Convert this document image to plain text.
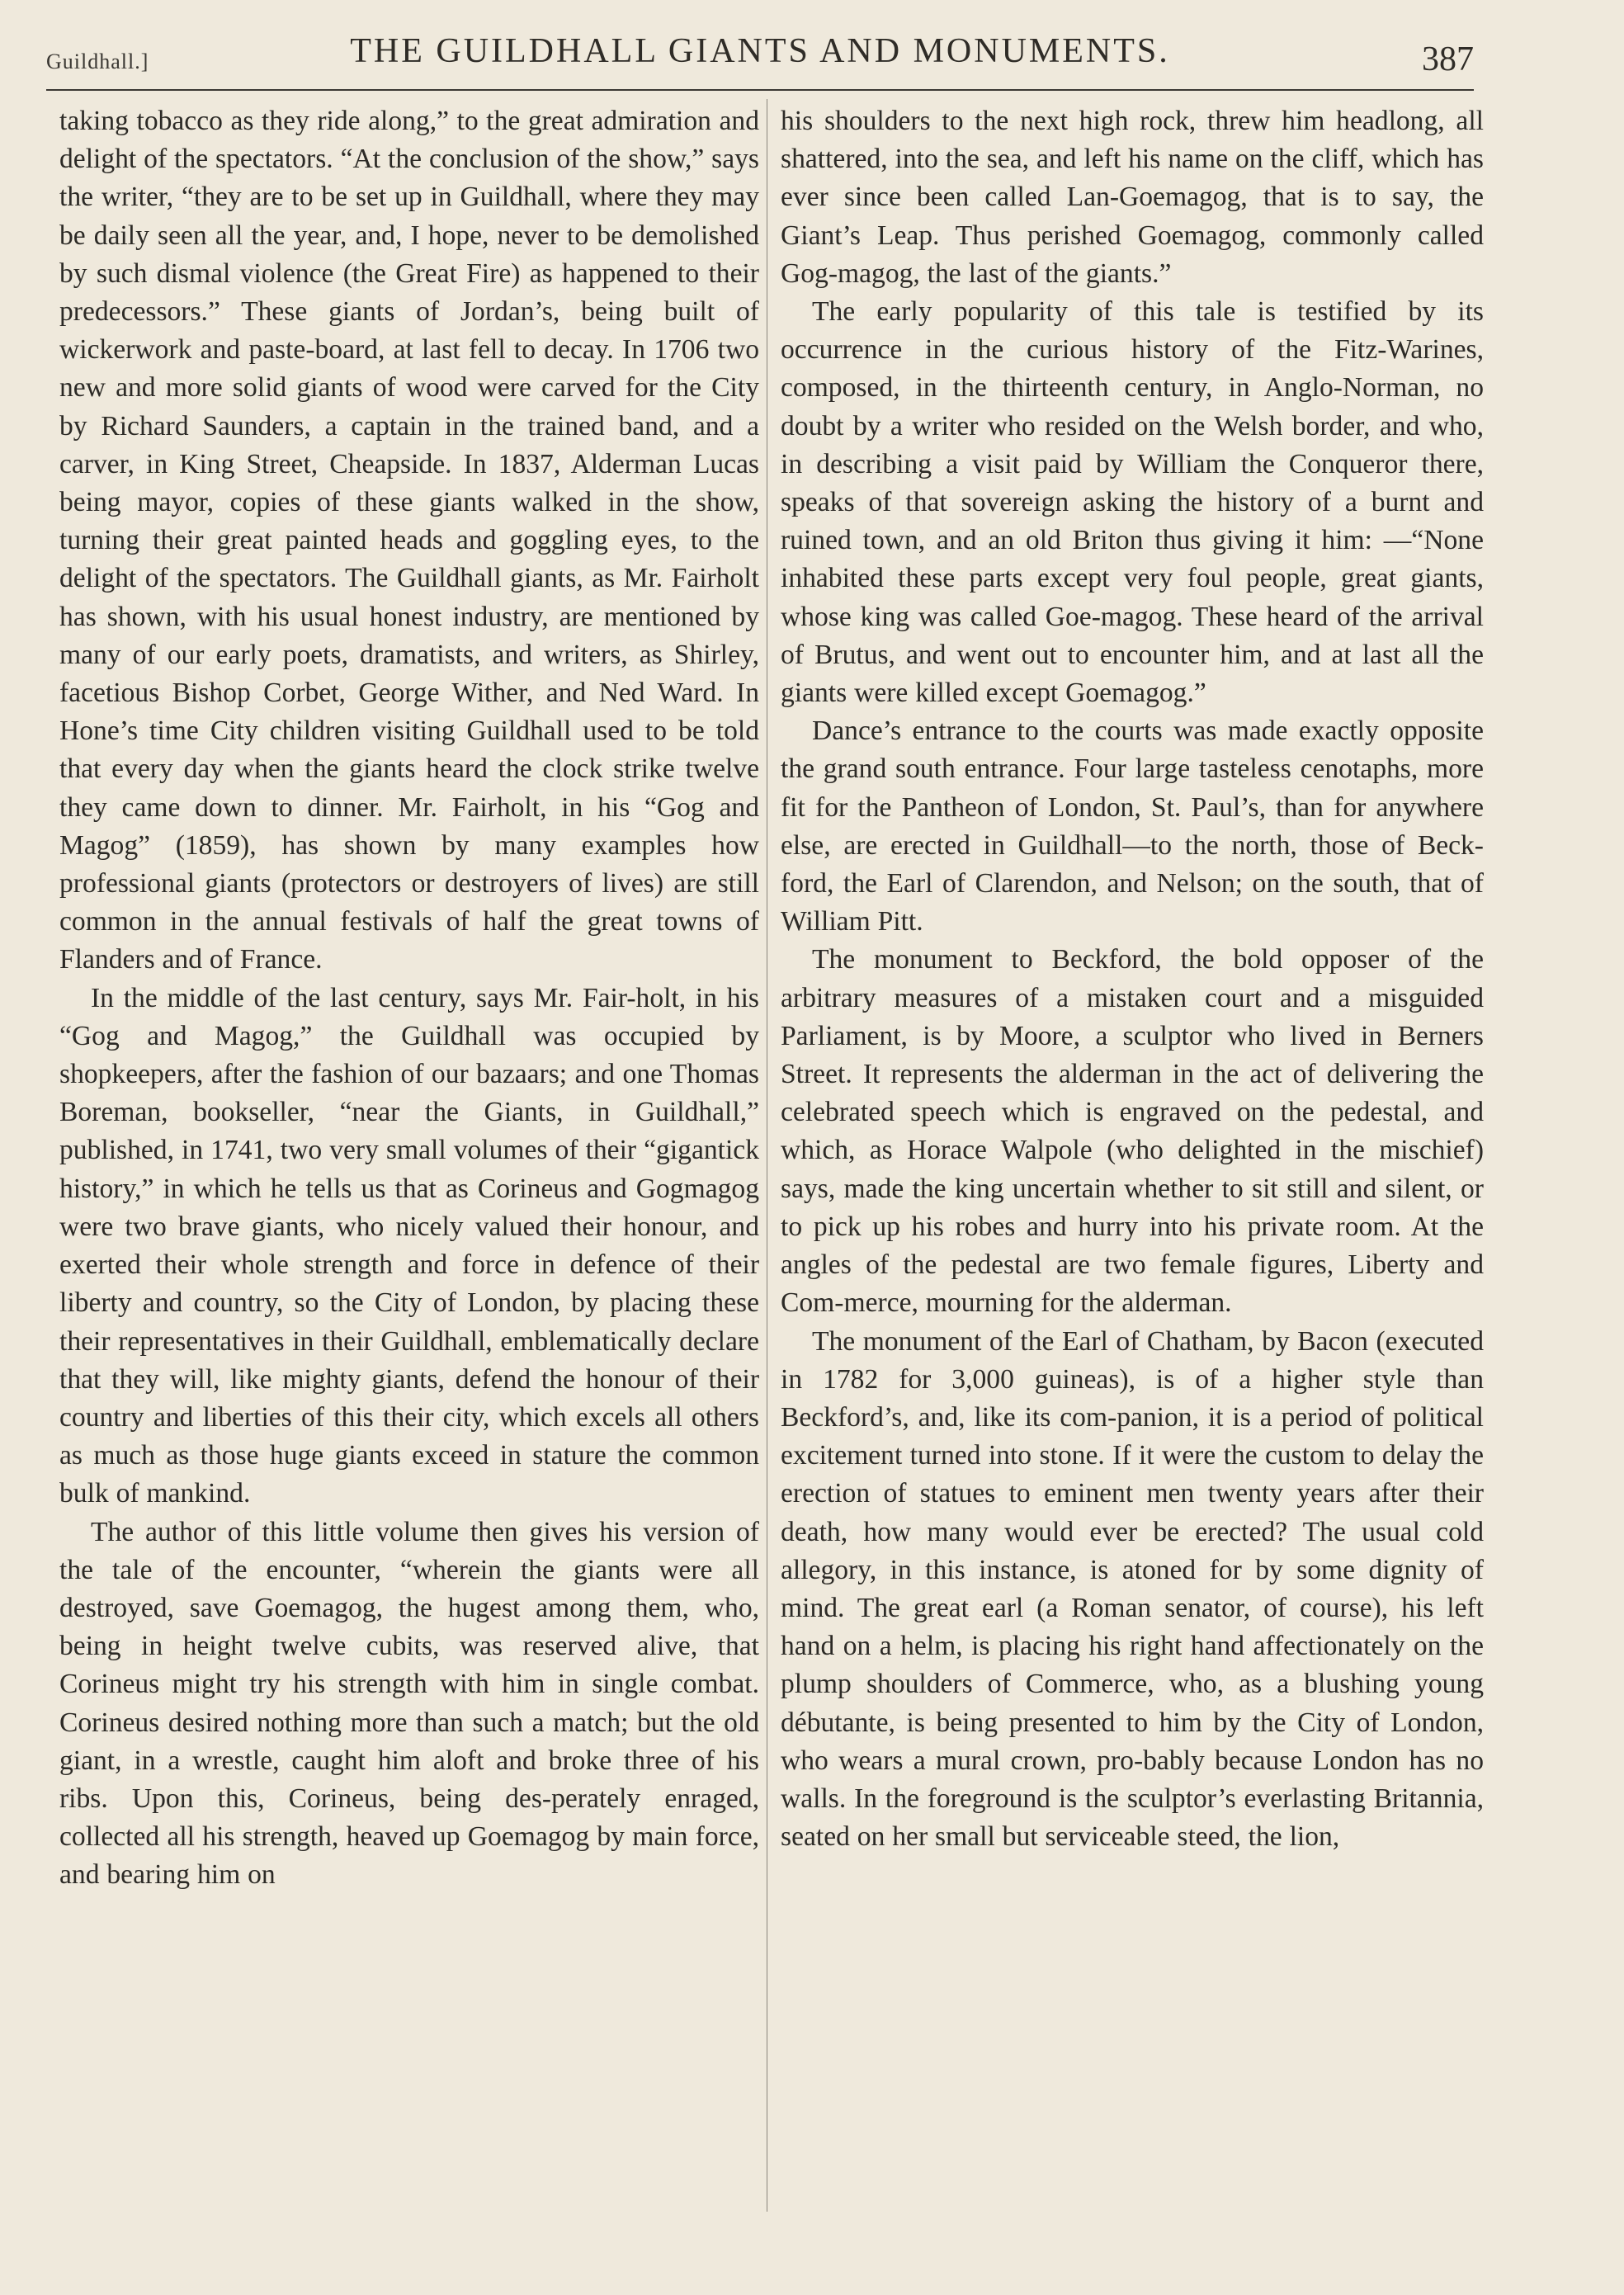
Guildhall.]	THE GUILDHALL GIANTS AND MONUMENTS.	387

taking tobacco as they ride along,” to the great admiration and delight of the spectators. “At the conclusion of the show,” says the writer, “they are to be set up in Guildhall, where they may be daily seen all the year, and, I hope, never to be demolished by such dismal violence (the Great Fire) as happened to their predecessors.” These giants of Jordan’s, being built of wickerwork and paste-board, at last fell to decay. In 1706 two new and more solid giants of wood were carved for the City by Richard Saunders, a captain in the trained band, and a carver, in King Street, Cheapside. In 1837, Alderman Lucas being mayor, copies of these giants walked in the show, turning their great painted heads and goggling eyes, to the delight of the spectators. The Guildhall giants, as Mr. Fairholt has shown, with his usual honest industry, are mentioned by many of our early poets, dramatists, and writers, as Shirley, facetious Bishop Corbet, George Wither, and Ned Ward. In Hone’s time City children visiting Guildhall used to be told that every day when the giants heard the clock strike twelve they came down to dinner. Mr. Fairholt, in his “Gog and Magog” (1859), has shown by many examples how professional giants (protectors or destroyers of lives) are still common in the annual festivals of half the great towns of Flanders and of France.

In the middle of the last century, says Mr. Fair-holt, in his “Gog and Magog,” the Guildhall was occupied by shopkeepers, after the fashion of our bazaars; and one Thomas Boreman, bookseller, “near the Giants, in Guildhall,” published, in 1741, two very small volumes of their “gigantick history,” in which he tells us that as Corineus and Gogmagog were two brave giants, who nicely valued their honour, and exerted their whole strength and force in defence of their liberty and country, so the City of London, by placing these their representatives in their Guildhall, emblematically declare that they will, like mighty giants, defend the honour of their country and liberties of this their city, which excels all others as much as those huge giants exceed in stature the common bulk of mankind.

The author of this little volume then gives his version of the tale of the encounter, “wherein the giants were all destroyed, save Goemagog, the hugest among them, who, being in height twelve cubits, was reserved alive, that Corineus might try his strength with him in single combat. Corineus desired nothing more than such a match; but the old giant, in a wrestle, caught him aloft and broke three of his ribs. Upon this, Corineus, being des-perately enraged, collected all his strength, heaved up Goemagog by main force, and bearing him on

his shoulders to the next high rock, threw him headlong, all shattered, into the sea, and left his name on the cliff, which has ever since been called Lan-Goemagog, that is to say, the Giant’s Leap. Thus perished Goemagog, commonly called Gog-magog, the last of the giants.”

The early popularity of this tale is testified by its occurrence in the curious history of the Fitz-Warines, composed, in the thirteenth century, in Anglo-Norman, no doubt by a writer who resided on the Welsh border, and who, in describing a visit paid by William the Conqueror there, speaks of that sovereign asking the history of a burnt and ruined town, and an old Briton thus giving it him: —“None inhabited these parts except very foul people, great giants, whose king was called Goe-magog. These heard of the arrival of Brutus, and went out to encounter him, and at last all the giants were killed except Goemagog.”

Dance’s entrance to the courts was made exactly opposite the grand south entrance. Four large tasteless cenotaphs, more fit for the Pantheon of London, St. Paul’s, than for anywhere else, are erected in Guildhall—to the north, those of Beck-ford, the Earl of Clarendon, and Nelson; on the south, that of William Pitt.

The monument to Beckford, the bold opposer of the arbitrary measures of a mistaken court and a misguided Parliament, is by Moore, a sculptor who lived in Berners Street. It represents the alderman in the act of delivering the celebrated speech which is engraved on the pedestal, and which, as Horace Walpole (who delighted in the mischief) says, made the king uncertain whether to sit still and silent, or to pick up his robes and hurry into his private room. At the angles of the pedestal are two female figures, Liberty and Com-merce, mourning for the alderman.

The monument of the Earl of Chatham, by Bacon (executed in 1782 for 3,000 guineas), is of a higher style than Beckford’s, and, like its com-panion, it is a period of political excitement turned into stone. If it were the custom to delay the erection of statues to eminent men twenty years after their death, how many would ever be erected? The usual cold allegory, in this instance, is atoned for by some dignity of mind. The great earl (a Roman senator, of course), his left hand on a helm, is placing his right hand affectionately on the plump shoulders of Commerce, who, as a blushing young débutante, is being presented to him by the City of London, who wears a mural crown, pro-bably because London has no walls. In the foreground is the sculptor’s everlasting Britannia, seated on her small but serviceable steed, the lion,
